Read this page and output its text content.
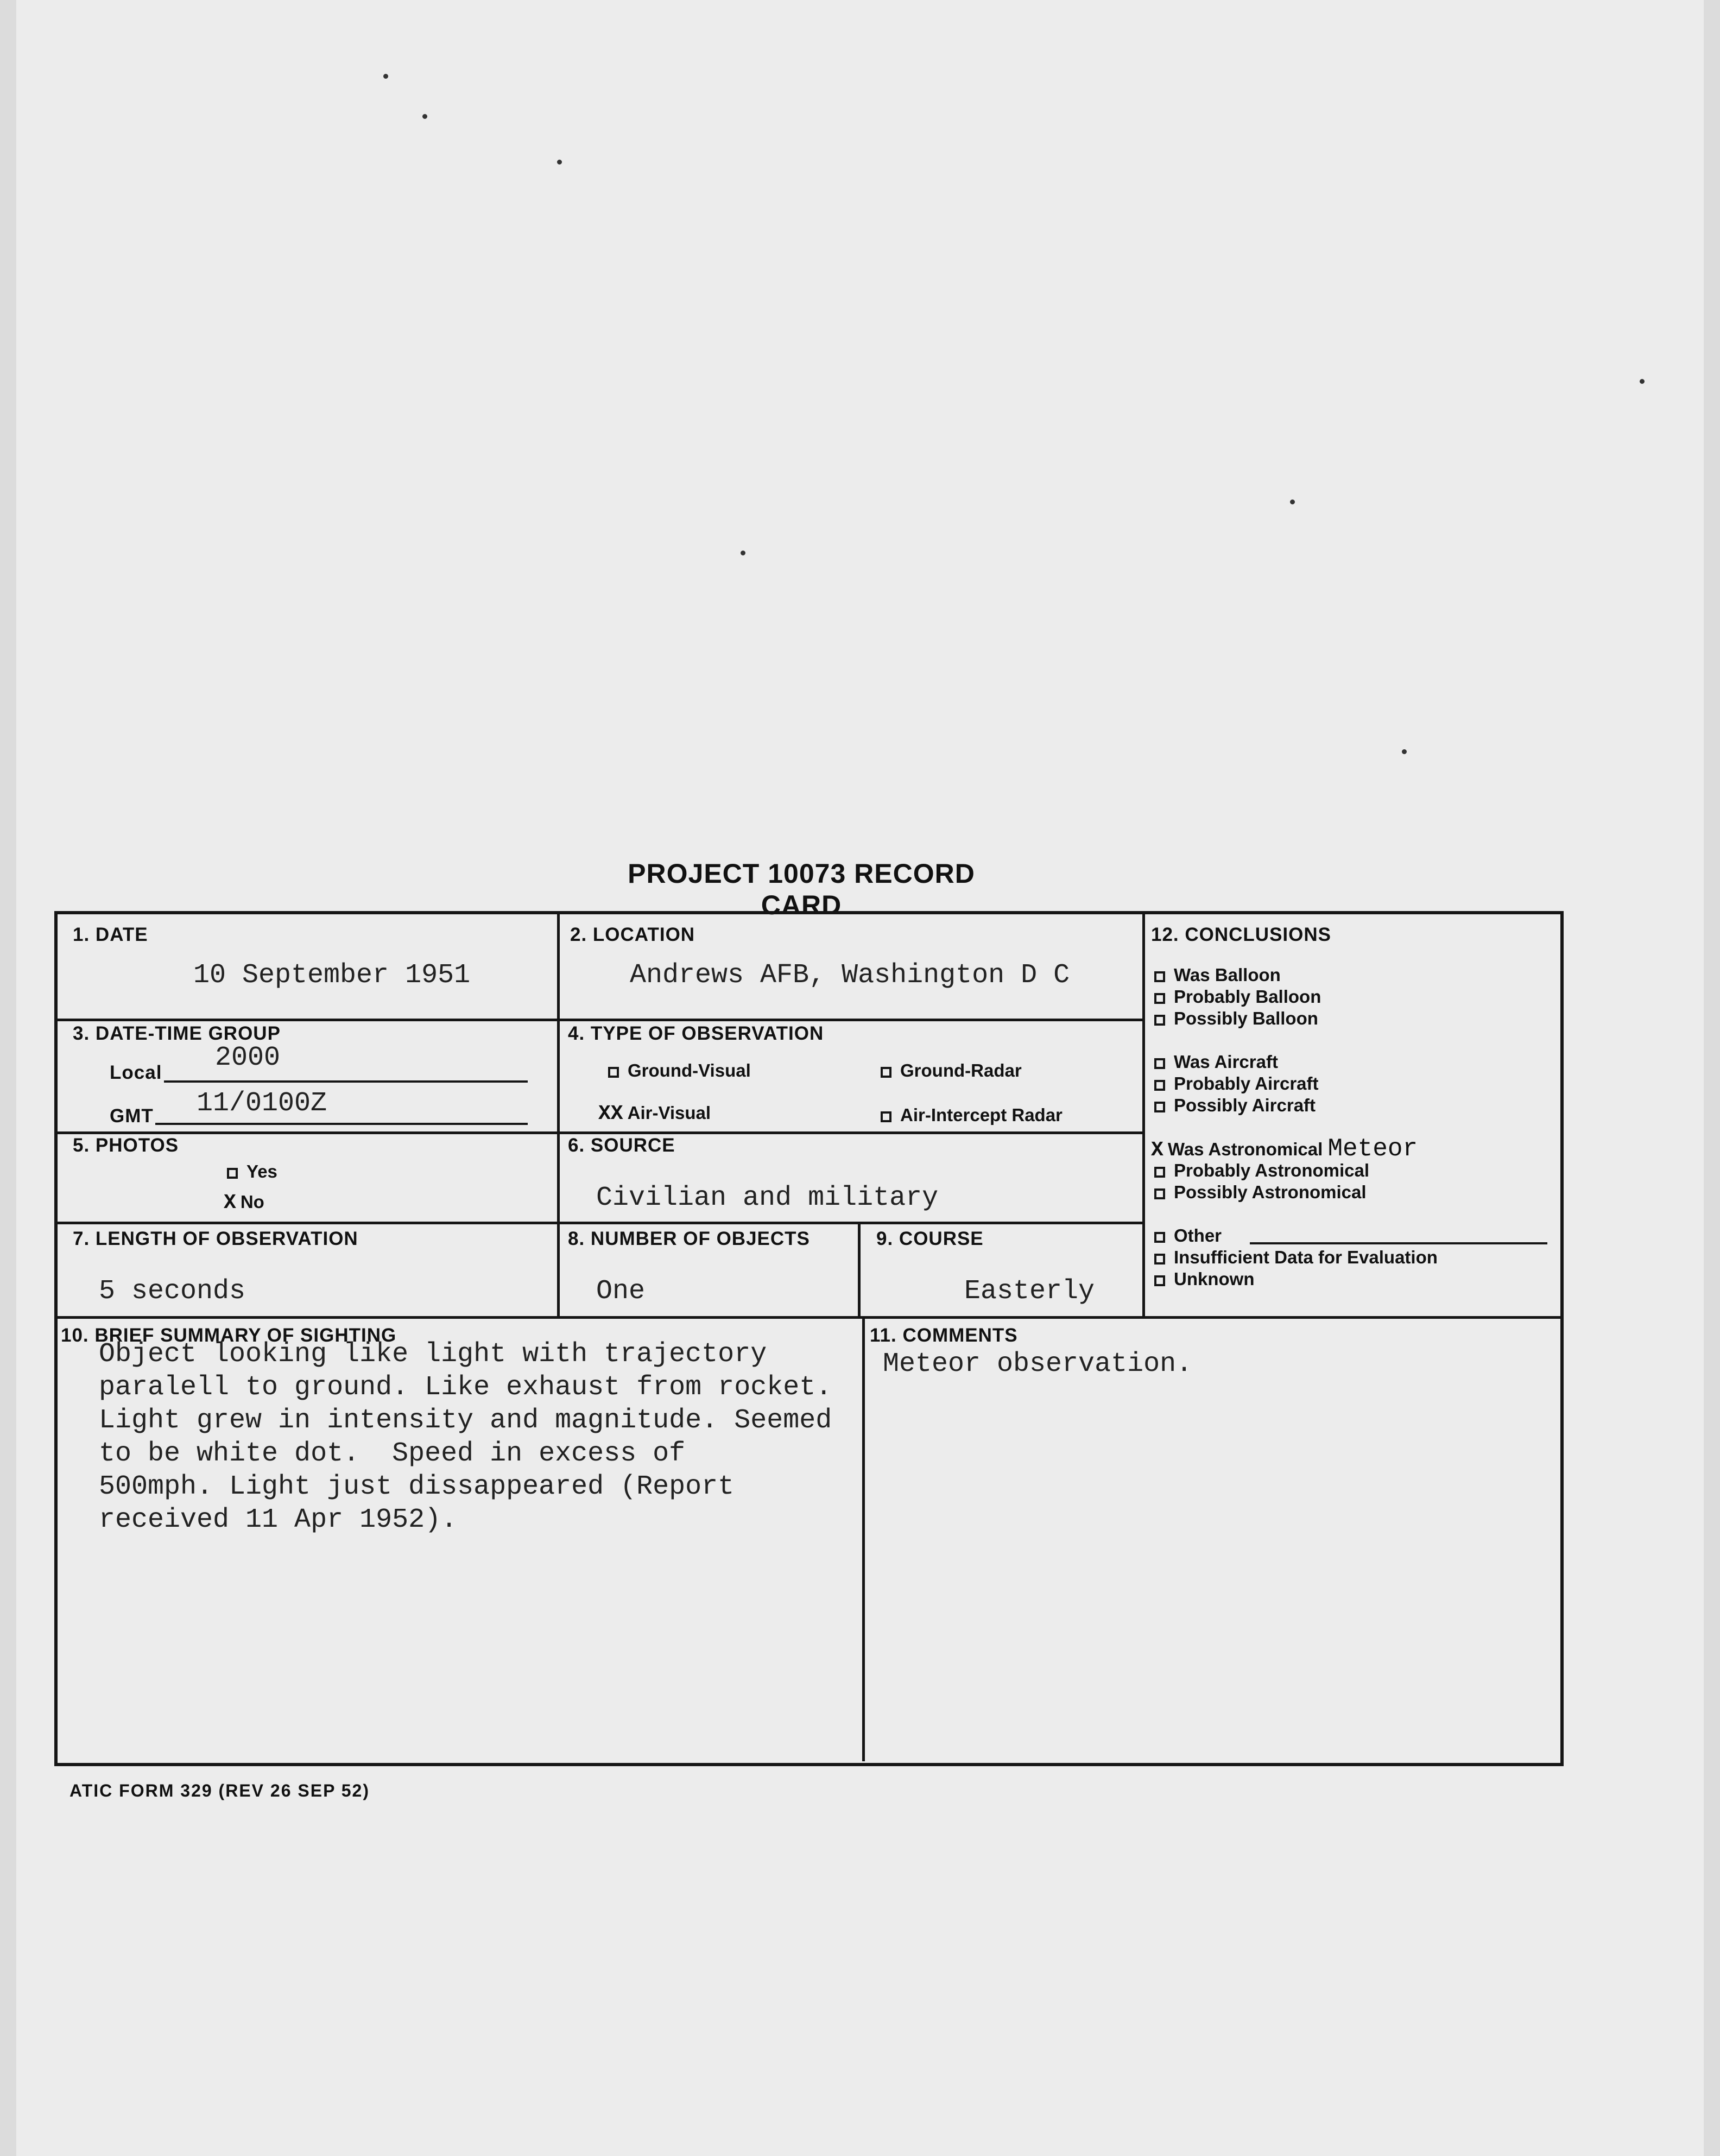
PROJECT 10073 RECORD CARD
1. DATE
10 September 1951
2. LOCATION
Andrews AFB, Washington D C
3. DATE-TIME GROUP
Local 2000
GMT 11/0100Z
4. TYPE OF OBSERVATION
Ground-Visual	Ground-Radar
XX Air-Visual	Air-Intercept Radar
5. PHOTOS
Yes
X No
6. SOURCE
Civilian and military
7. LENGTH OF OBSERVATION
5 seconds
8. NUMBER OF OBJECTS
One
9. COURSE
Easterly
10. BRIEF SUMMARY OF SIGHTING
Object looking like light with trajectory
paralell to ground. Like exhaust from rocket.
Light grew in intensity and magnitude. Seemed
to be white dot.  Speed in excess of
500mph. Light just dissappeared (Report
received 11 Apr 1952).
11. COMMENTS
Meteor observation.
12. CONCLUSIONS
Was Balloon
Probably Balloon
Possibly Balloon
Was Aircraft
Probably Aircraft
Possibly Aircraft
X Was Astronomical Meteor
Probably Astronomical
Possibly Astronomical
Other
Insufficient Data for Evaluation
Unknown
ATIC FORM 329 (REV 26 SEP 52)
